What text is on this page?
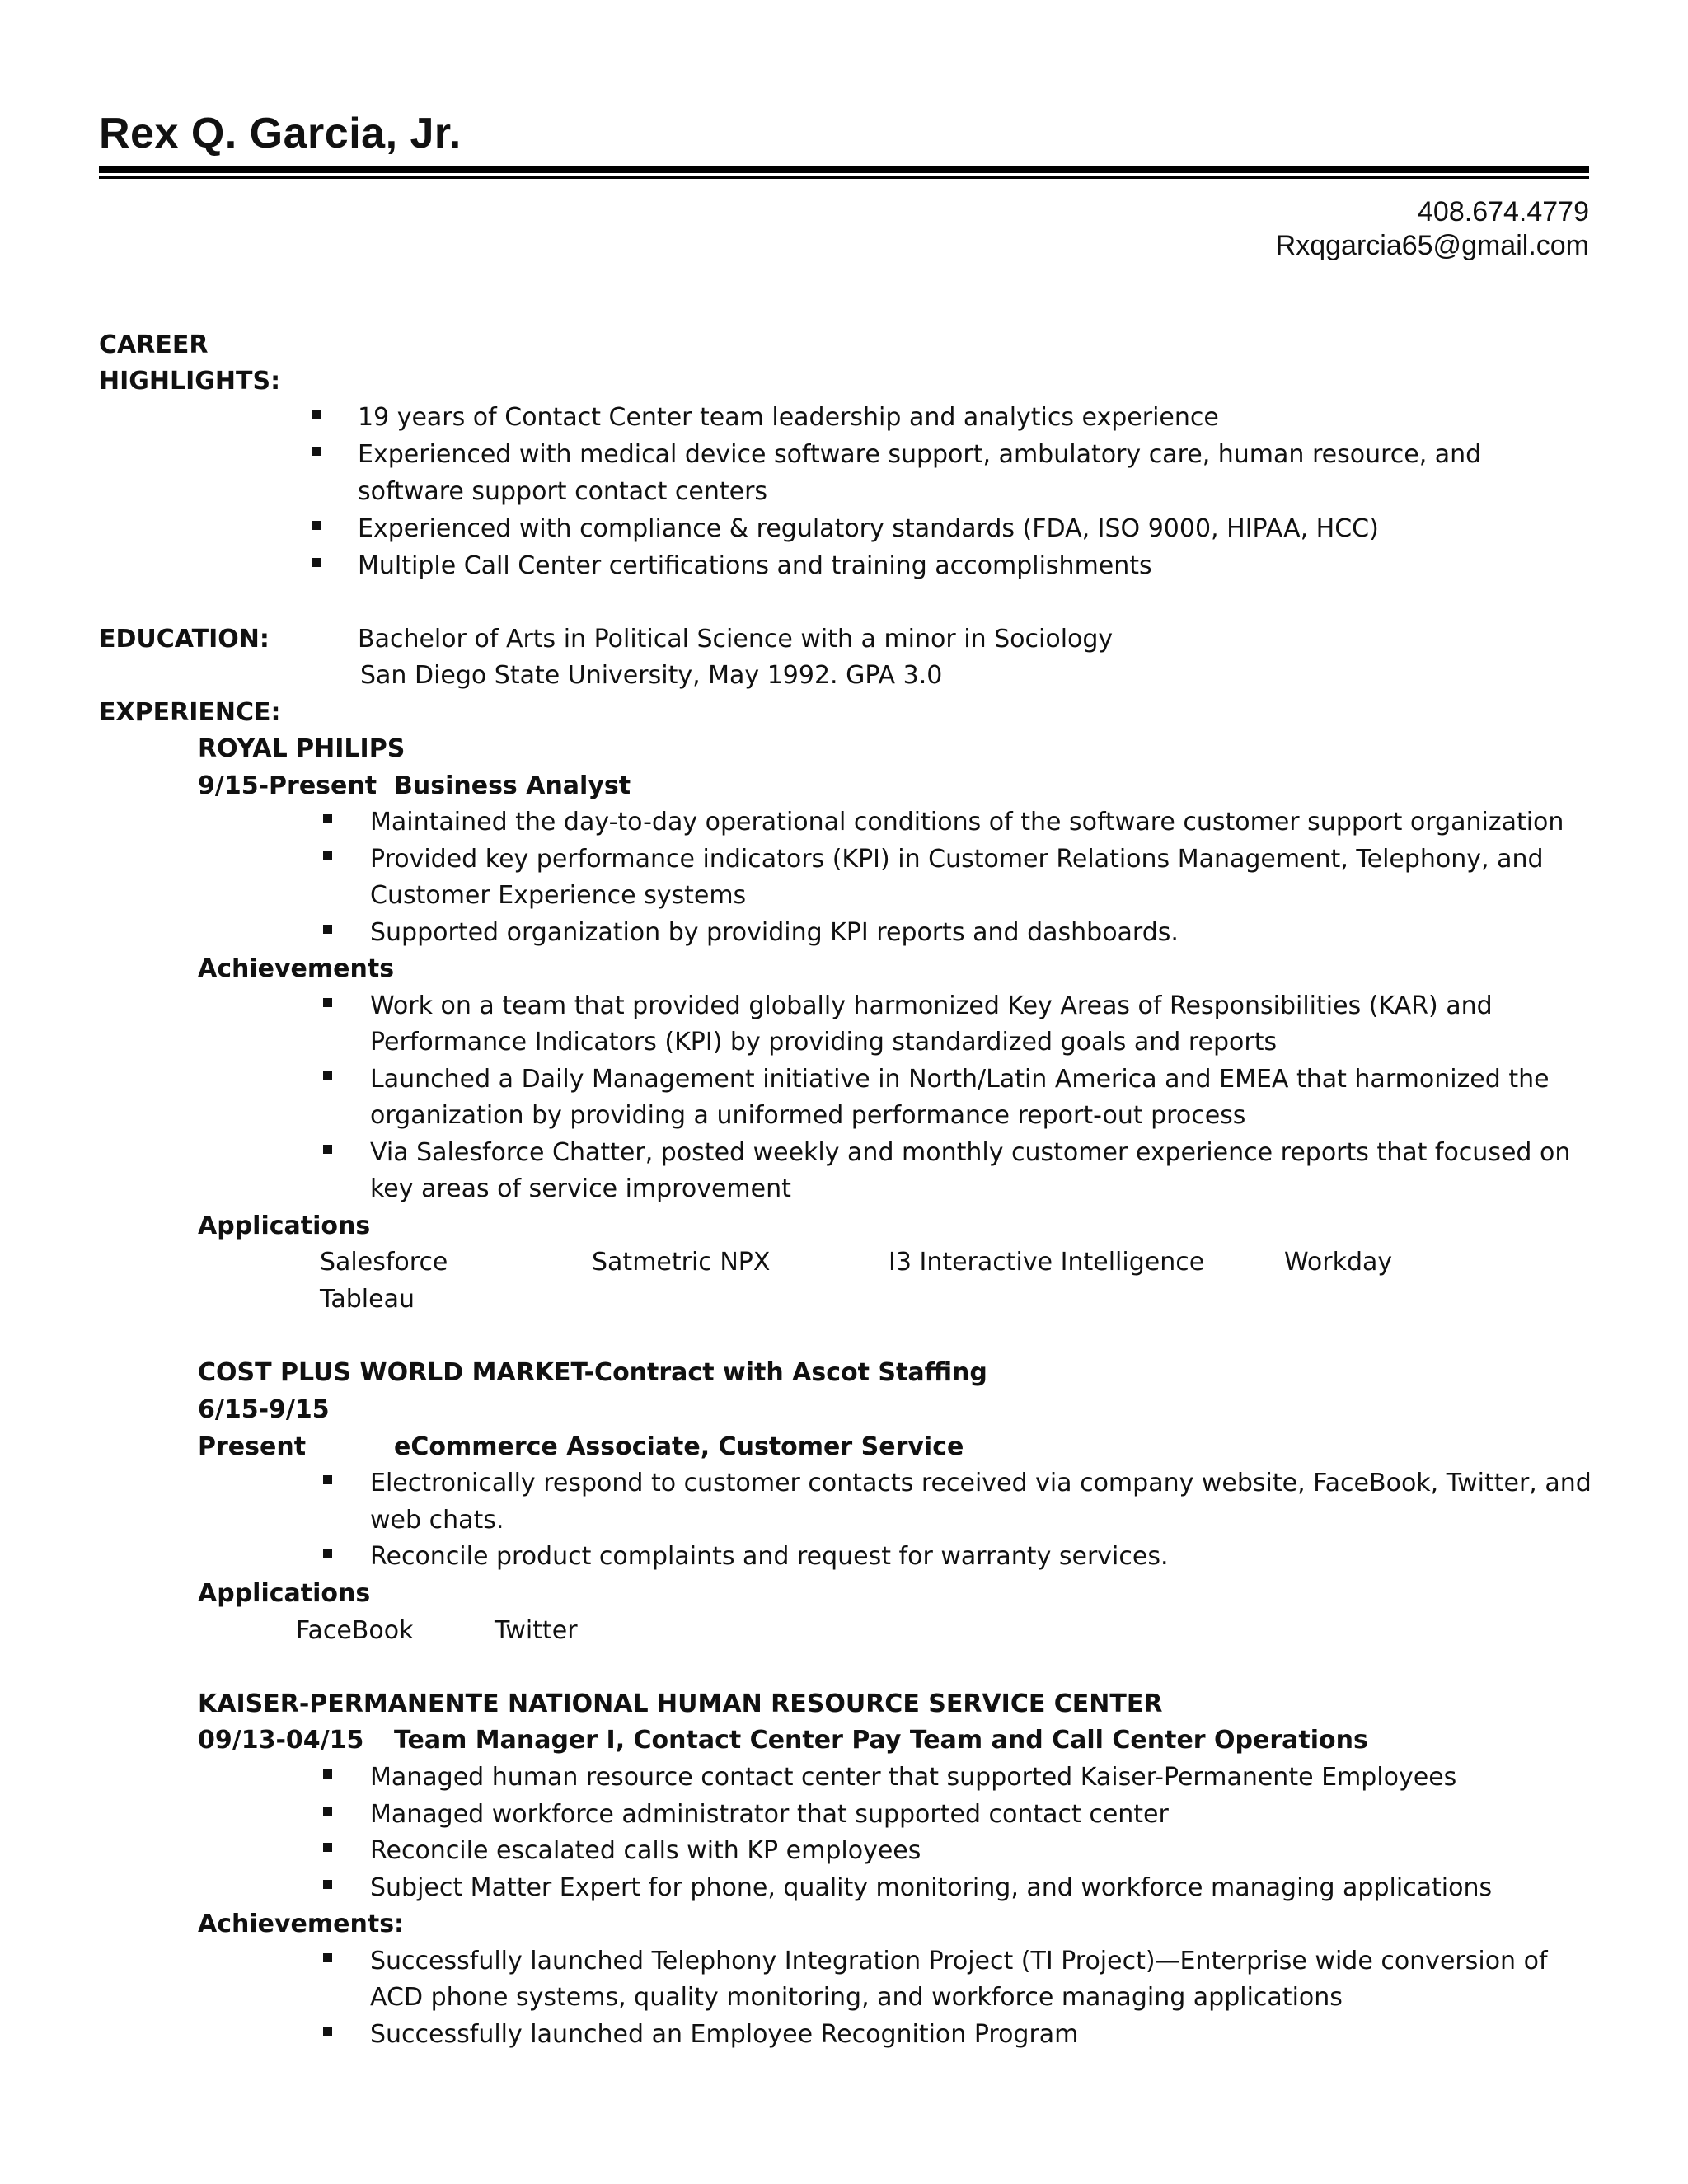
Rex Q. Garcia, Jr.
408.674.4779
Rxqgarcia65@gmail.com
CAREER
HIGHLIGHTS:
19 years of Contact Center team leadership and analytics experience
Experienced with medical device software support, ambulatory care, human resource, and
software support contact centers
Experienced with compliance & regulatory standards (FDA, ISO 9000, HIPAA, HCC)
Multiple Call Center certifications and training accomplishments
EDUCATION:	Bachelor of Arts in Political Science with a minor in Sociology
San Diego State University, May 1992. GPA 3.0
EXPERIENCE:
ROYAL PHILIPS
9/15-Present Business Analyst
Maintained the day-to-day operational conditions of the software customer support organization
Provided key performance indicators (KPI) in Customer Relations Management, Telephony, and
Customer Experience systems
Supported organization by providing KPI reports and dashboards.
Achievements
Work on a team that provided globally harmonized Key Areas of Responsibilities (KAR) and
Performance Indicators (KPI) by providing standardized goals and reports
Launched a Daily Management initiative in North/Latin America and EMEA that harmonized the
organization by providing a uniformed performance report-out process
Via Salesforce Chatter, posted weekly and monthly customer experience reports that focused on
key areas of service improvement
Applications
Salesforce	Satmetric NPX	I3 Interactive Intelligence	Workday
Tableau
COST PLUS WORLD MARKET-Contract with Ascot Staffing
6/15-9/15
Present	eCommerce Associate, Customer Service
Electronically respond to customer contacts received via company website, FaceBook, Twitter, and
web chats.
Reconcile product complaints and request for warranty services.
Applications
FaceBook	Twitter
KAISER-PERMANENTE NATIONAL HUMAN RESOURCE SERVICE CENTER
09/13-04/15 Team Manager I, Contact Center Pay Team and Call Center Operations
Managed human resource contact center that supported Kaiser-Permanente Employees
Managed workforce administrator that supported contact center
Reconcile escalated calls with KP employees
Subject Matter Expert for phone, quality monitoring, and workforce managing applications
Achievements:
Successfully launched Telephony Integration Project (TI Project)—Enterprise wide conversion of
ACD phone systems, quality monitoring, and workforce managing applications
Successfully launched an Employee Recognition Program
